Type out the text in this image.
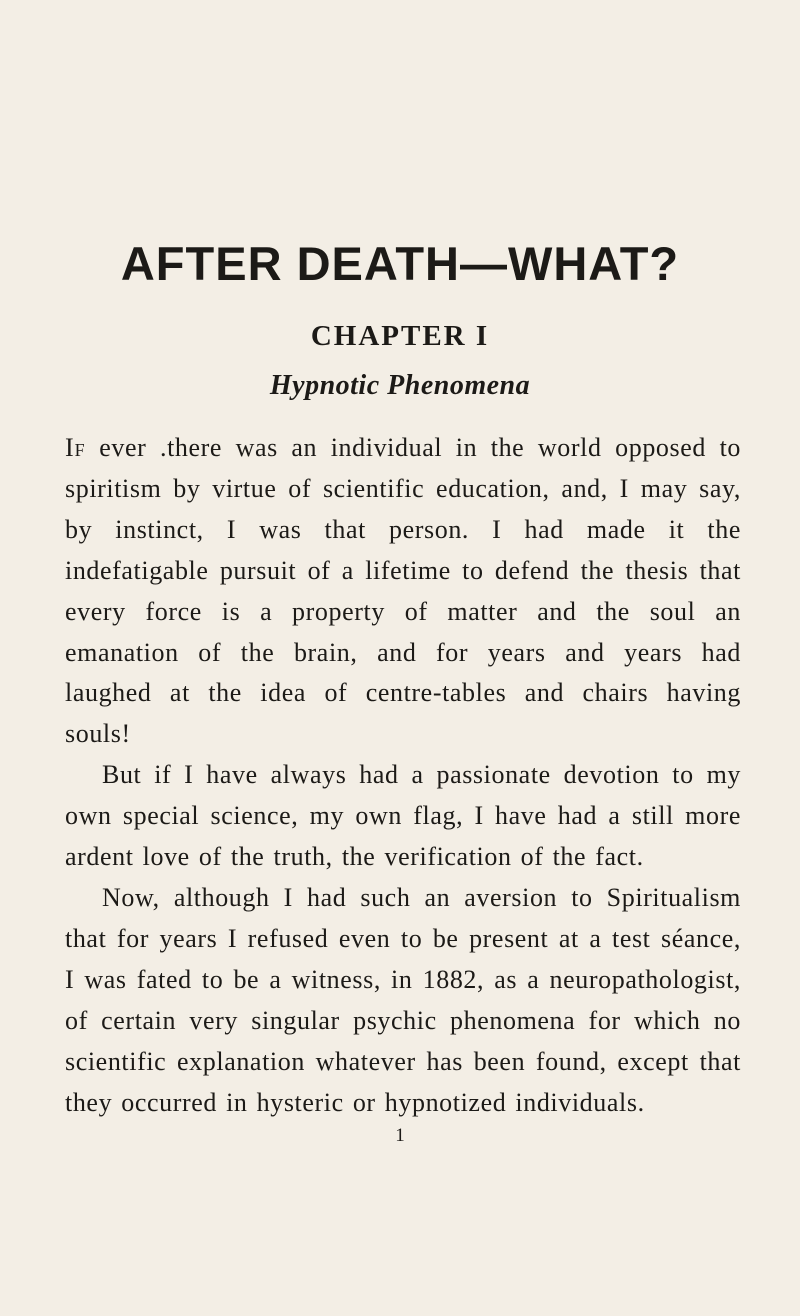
AFTER DEATH—WHAT?
CHAPTER I
Hypnotic Phenomena

If ever .there was an individual in the world opposed to spiritism by virtue of scientific education, and, I may say, by instinct, I was that person. I had made it the indefatigable pursuit of a lifetime to defend the thesis that every force is a property of matter and the soul an emanation of the brain, and for years and years had laughed at the idea of centre-tables and chairs having souls!

But if I have always had a passionate devotion to my own special science, my own flag, I have had a still more ardent love of the truth, the verification of the fact.

Now, although I had such an aversion to Spiritualism that for years I refused even to be present at a test séance, I was fated to be a witness, in 1882, as a neuropathologist, of certain very singular psychic phenomena for which no scientific explanation whatever has been found, except that they occurred in hysteric or hypnotized individuals.

1
